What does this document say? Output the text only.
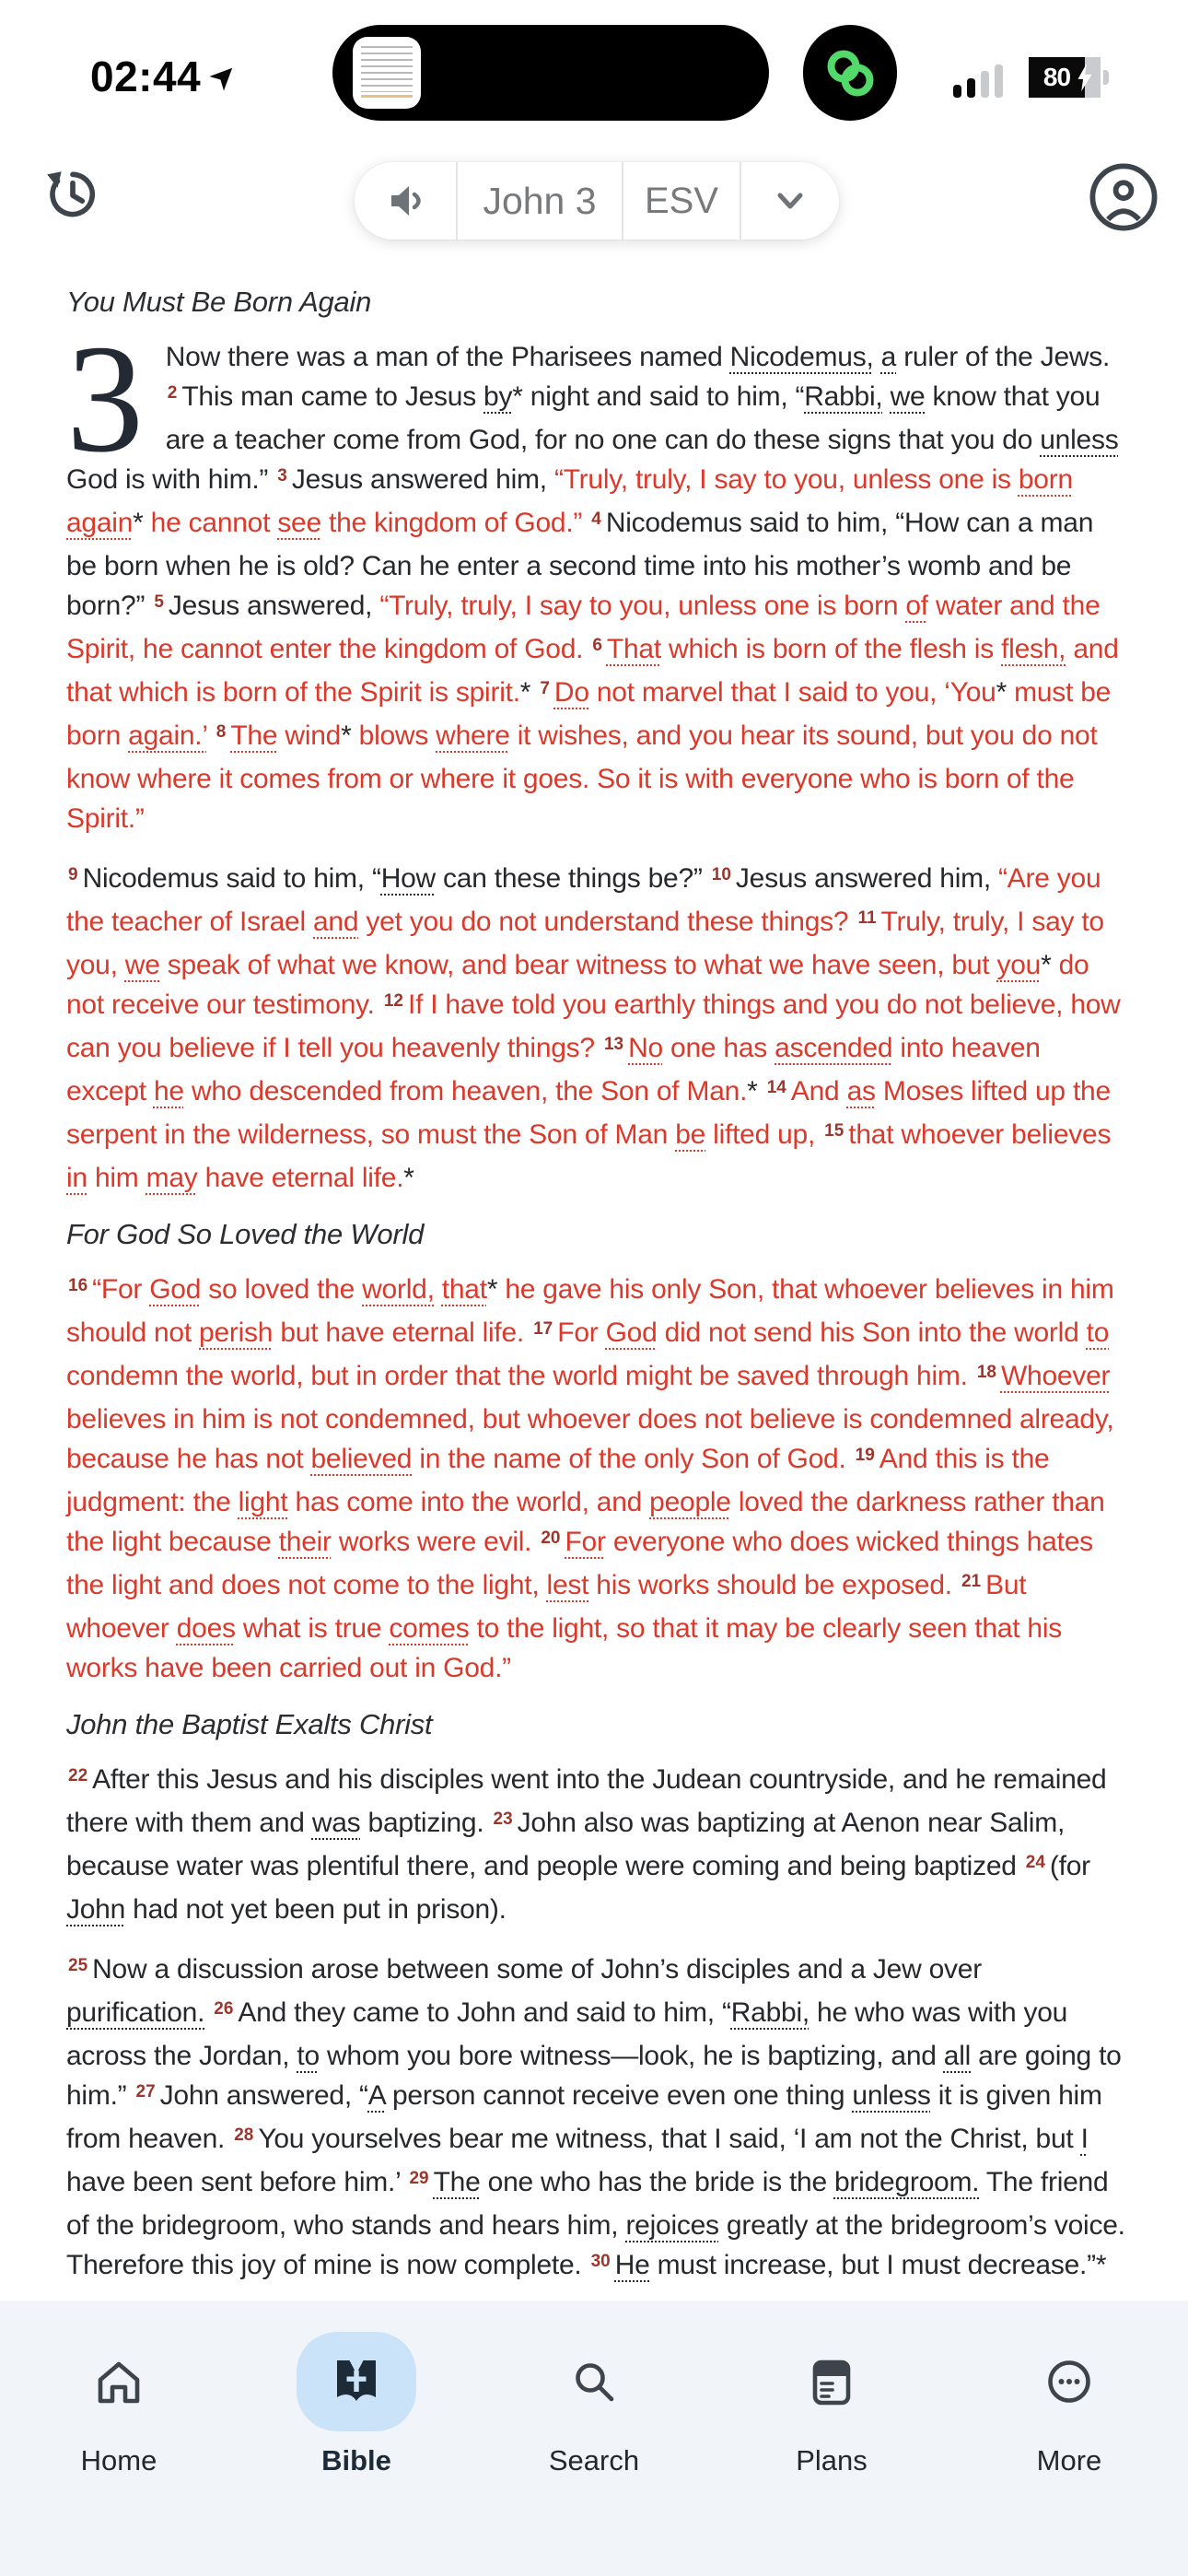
02:44	80
John 3 ESV
You Must Be Born Again
3 Now there was a man of the Pharisees named Nicodemus, a ruler of the Jews. $^2$ This man came to Jesus by* night and said to him, “Rabbi, we know that you are a teacher come from God, for no one can do these signs that you do unless God is with him.” $^3$ Jesus answered him, “Truly, truly, I say to you, unless one is born again* he cannot see the kingdom of God.” $^4$ Nicodemus said to him, “How can a man be born when he is old? Can he enter a second time into his mother’s womb and be born?” $^5$ Jesus answered, “Truly, truly, I say to you, unless one is born of water and the Spirit, he cannot enter the kingdom of God. $^6$ That which is born of the flesh is flesh, and that which is born of the Spirit is spirit.* $^7$ Do not marvel that I said to you, ‘You* must be born again.’ $^8$ The wind* blows where it wishes, and you hear its sound, but you do not know where it comes from or where it goes. So it is with everyone who is born of the Spirit.”
$^9$ Nicodemus said to him, “How can these things be?” $^{10}$ Jesus answered him, “Are you the teacher of Israel and yet you do not understand these things? $^{11}$ Truly, truly, I say to you, we speak of what we know, and bear witness to what we have seen, but you* do not receive our testimony. $^{12}$ If I have told you earthly things and you do not believe, how can you believe if I tell you heavenly things? $^{13}$ No one has ascended into heaven except he who descended from heaven, the Son of Man.* $^{14}$ And as Moses lifted up the serpent in the wilderness, so must the Son of Man be lifted up, $^{15}$ that whoever believes in him may have eternal life.*
For God So Loved the World
$^{16}$ “For God so loved the world, that* he gave his only Son, that whoever believes in him should not perish but have eternal life. $^{17}$ For God did not send his Son into the world to condemn the world, but in order that the world might be saved through him. $^{18}$ Whoever believes in him is not condemned, but whoever does not believe is condemned already, because he has not believed in the name of the only Son of God. $^{19}$ And this is the judgment: the light has come into the world, and people loved the darkness rather than the light because their works were evil. $^{20}$ For everyone who does wicked things hates the light and does not come to the light, lest his works should be exposed. $^{21}$ But whoever does what is true comes to the light, so that it may be clearly seen that his works have been carried out in God.”
John the Baptist Exalts Christ
$^{22}$ After this Jesus and his disciples went into the Judean countryside, and he remained there with them and was baptizing. $^{23}$ John also was baptizing at Aenon near Salim, because water was plentiful there, and people were coming and being baptized $^{24}$ (for John had not yet been put in prison).
$^{25}$ Now a discussion arose between some of John’s disciples and a Jew over purification. $^{26}$ And they came to John and said to him, “Rabbi, he who was with you across the Jordan, to whom you bore witness—look, he is baptizing, and all are going to him.” $^{27}$ John answered, “A person cannot receive even one thing unless it is given him from heaven. $^{28}$ You yourselves bear me witness, that I said, ‘I am not the Christ, but I have been sent before him.’ $^{29}$ The one who has the bride is the bridegroom. The friend of the bridegroom, who stands and hears him, rejoices greatly at the bridegroom’s voice. Therefore this joy of mine is now complete. $^{30}$ He must increase, but I must decrease.”*

Home	Bible	Search	Plans	More
